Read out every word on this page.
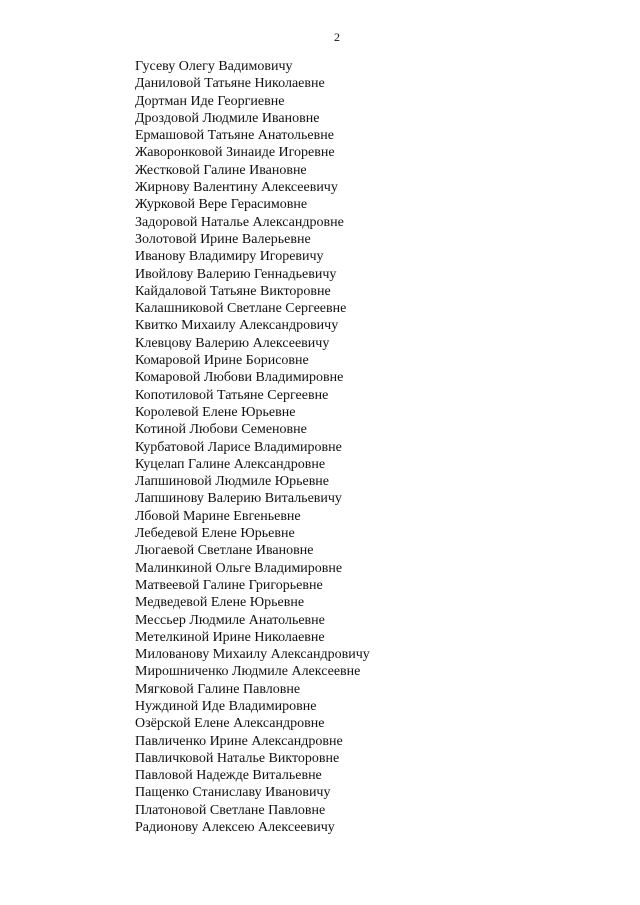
2
Гусеву Олегу Вадимовичу
Даниловой Татьяне Николаевне
Дортман Иде Георгиевне
Дроздовой Людмиле Ивановне
Ермашовой Татьяне Анатольевне
Жаворонковой Зинаиде Игоревне
Жестковой Галине Ивановне
Жирнову Валентину Алексеевичу
Журковой Вере Герасимовне
Задоровой Наталье Александровне
Золотовой Ирине Валерьевне
Иванову Владимиру Игоревичу
Ивойлову Валерию Геннадьевичу
Кайдаловой Татьяне Викторовне
Калашниковой Светлане Сергеевне
Квитко Михаилу Александровичу
Клевцову Валерию Алексеевичу
Комаровой Ирине Борисовне
Комаровой Любови Владимировне
Копотиловой Татьяне Сергеевне
Королевой Елене Юрьевне
Котиной Любови Семеновне
Курбатовой Ларисе Владимировне
Куцелап Галине Александровне
Лапшиновой Людмиле Юрьевне
Лапшинову Валерию Витальевичу
Лбовой Марине Евгеньевне
Лебедевой Елене Юрьевне
Люгаевой Светлане Ивановне
Малинкиной Ольге Владимировне
Матвеевой Галине Григорьевне
Медведевой Елене Юрьевне
Мессьер Людмиле Анатольевне
Метелкиной Ирине Николаевне
Милованову Михаилу Александровичу
Мирошниченко Людмиле Алексеевне
Мягковой Галине Павловне
Нуждиной Иде Владимировне
Озёрской Елене Александровне
Павличенко Ирине Александровне
Павличковой Наталье Викторовне
Павловой Надежде Витальевне
Пащенко Станиславу Ивановичу
Платоновой Светлане Павловне
Радионову Алексею Алексеевичу
